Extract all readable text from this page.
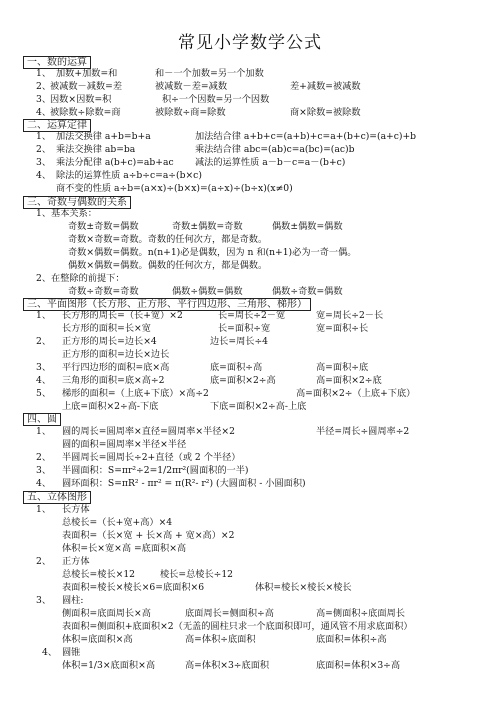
常见小学数学公式
一、数的运算
1、 加数+加数=和	和－一个加数=另一个加数
2、
被减数－减数=差	被减数－差=减数	差+减数=被减数
3、
因数×因数=积	积÷一个因数=另一个因数
4、
被除数÷除数=商	被除数÷商=除数	商×除数=被除数
二、运算定律
1、 加法交换律 a+b=b+a	加法结合律 a+b+c=(a+b)+c=a+(b+c)=(a+c)+b
2、 乘法交换律 ab=ba	乘法结合律 abc=(ab)c=a(bc)=(ac)b
3、 乘法分配律 a(b+c)=ab+ac 减法的运算性质 a－b－c=a－(b+c)
4、 除法的运算性质 a÷b÷c=a÷(b×c)
商不变的性质 a÷b=(a×x)÷(b×x)=(a÷x)÷(b÷x)(x≠0)
三、奇数与偶数的关系
1、基本关系：
奇数±奇数=偶数	奇数±偶数=奇数	偶数±偶数=偶数
奇数×奇数=奇数。奇数的任何次方，都是奇数。
奇数×偶数=偶数。n(n+1)必是偶数，因为 n 和(n+1)必为一奇一偶。
偶数×偶数=偶数。偶数的任何次方，都是偶数。
2、在整除的前提下：
奇数÷奇数=奇数	偶数÷偶数=偶数	偶数÷奇数=偶数
三、平面图形（长方形、正方形、平行四边形、三角形、梯形）
1、 长方形的周长=（长+宽）×2	长=周长÷2－宽	宽=周长÷2－长
长方形的面积=长×宽	长=面积÷宽	宽=面积÷长
2、 正方形的周长=边长×4	边长=周长÷4
正方形的面积=边长×边长
3、 平行四边形的面积=底×高	底=面积÷高	高=面积÷底
4、 三角形的面积=底×高÷2	底=面积×2÷高	高=面积×2÷底
5、 梯形的面积=（上底+下底）×高÷2	高=面积×2÷（上底+下底）
上底=面积×2÷高-下底	下底=面积×2÷高-上底
四、圆
1、 圆的周长=圆周率×直径=圆周率×半径×2	半径=周长÷圆周率÷2
圆的面积=圆周率×半径×半径
2、 半圆周长=圆周长÷2+直径（或 2 个半径）
3、 半圆面积：S=πr²÷2=1/2πr²(圆面积的一半)
4、 圆环面积：S=πR² - πr² = π(R²- r²) (大圆面积 - 小圆面积)
五、立体图形
1、 长方体
总棱长=（长+宽+高）×4
表面积=（长×宽 + 长×高 + 宽×高）×2
体积=长×宽×高 =底面积×高
2、 正方体
总棱长=棱长×12	棱长=总棱长÷12
表面积=棱长×棱长×6=底面积×6	体积=棱长×棱长×棱长
3、 圆柱:
侧面积=底面周长×高	底面周长=侧面积÷高	高=侧面积÷底面周长
表面积=侧面积+底面积×2（无盖的圆柱只求一个底面积即可，通风管不用求底面积）
体积=底面积×高	高=体积÷底面积	底面积=体积÷高
4、 圆锥
体积=1/3×底面积×高	高=体积×3÷底面积	底面积=体积×3÷高
